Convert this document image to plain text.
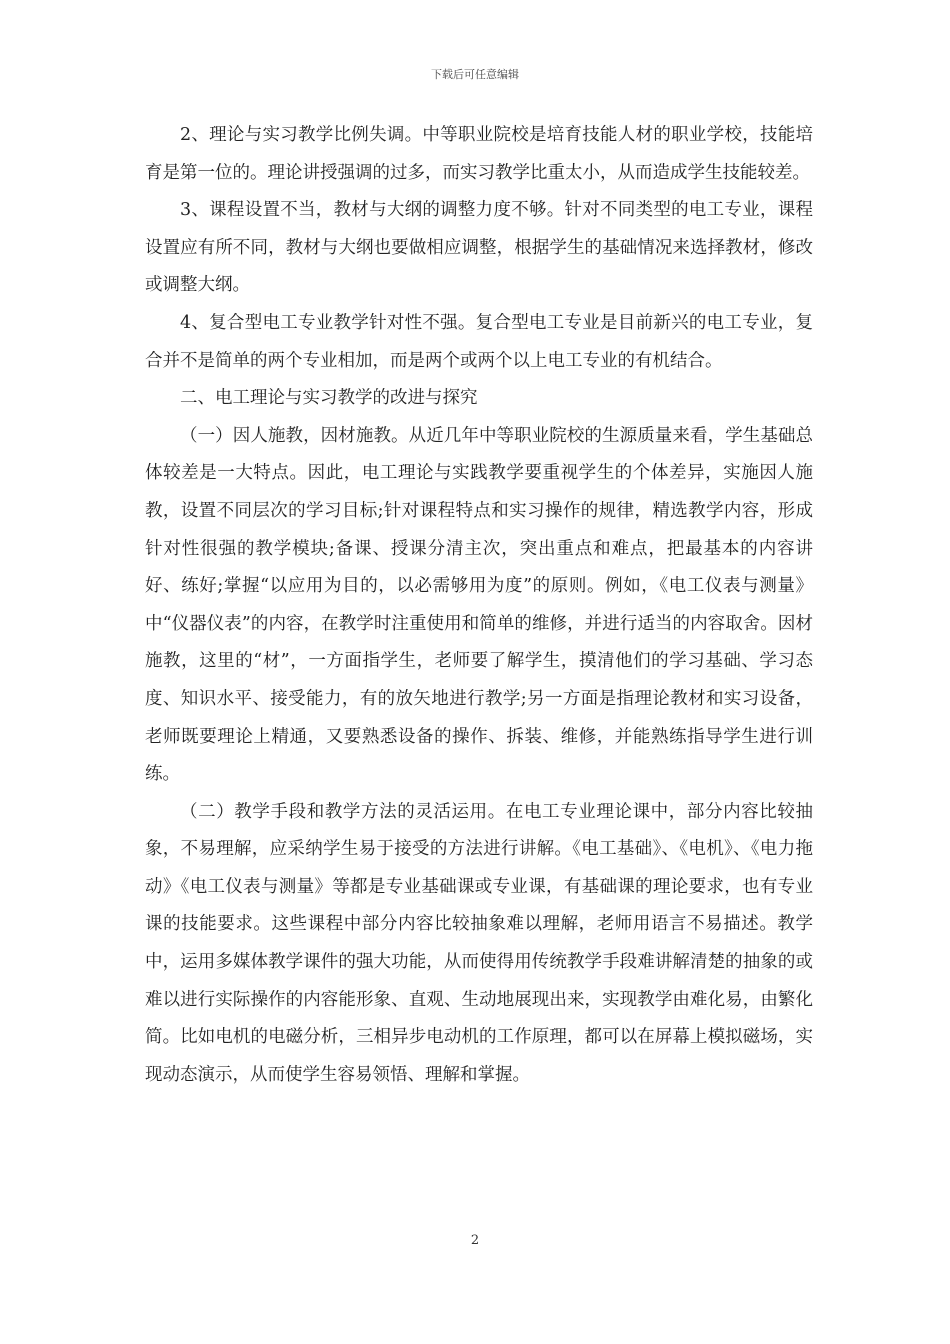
下载后可任意编辑

2、理论与实习教学比例失调。中等职业院校是培育技能人材的职业学校，技能培育是第一位的。理论讲授强调的过多，而实习教学比重太小，从而造成学生技能较差。

3、课程设置不当，教材与大纲的调整力度不够。针对不同类型的电工专业，课程设置应有所不同，教材与大纲也要做相应调整，根据学生的基础情况来选择教材，修改或调整大纲。

4、复合型电工专业教学针对性不强。复合型电工专业是目前新兴的电工专业，复合并不是简单的两个专业相加，而是两个或两个以上电工专业的有机结合。

二、电工理论与实习教学的改进与探究

（一）因人施教，因材施教。从近几年中等职业院校的生源质量来看，学生基础总体较差是一大特点。因此，电工理论与实践教学要重视学生的个体差异，实施因人施教，设置不同层次的学习目标;针对课程特点和实习操作的规律，精选教学内容，形成针对性很强的教学模块;备课、授课分清主次，突出重点和难点，把最基本的内容讲好、练好;掌握“以应用为目的，以必需够用为度”的原则。例如，《电工仪表与测量》中“仪器仪表”的内容，在教学时注重使用和简单的维修，并进行适当的内容取舍。因材施教，这里的“材”，一方面指学生，老师要了解学生，摸清他们的学习基础、学习态度、知识水平、接受能力，有的放矢地进行教学;另一方面是指理论教材和实习设备，老师既要理论上精通，又要熟悉设备的操作、拆装、维修，并能熟练指导学生进行训练。

（二）教学手段和教学方法的灵活运用。在电工专业理论课中，部分内容比较抽象，不易理解，应采纳学生易于接受的方法进行讲解。《电工基础》、《电机》、《电力拖动》《电工仪表与测量》等都是专业基础课或专业课，有基础课的理论要求，也有专业课的技能要求。这些课程中部分内容比较抽象难以理解，老师用语言不易描述。教学中，运用多媒体教学课件的强大功能，从而使得用传统教学手段难讲解清楚的抽象的或难以进行实际操作的内容能形象、直观、生动地展现出来，实现教学由难化易，由繁化简。比如电机的电磁分析，三相异步电动机的工作原理，都可以在屏幕上模拟磁场，实现动态演示，从而使学生容易领悟、理解和掌握。

2
